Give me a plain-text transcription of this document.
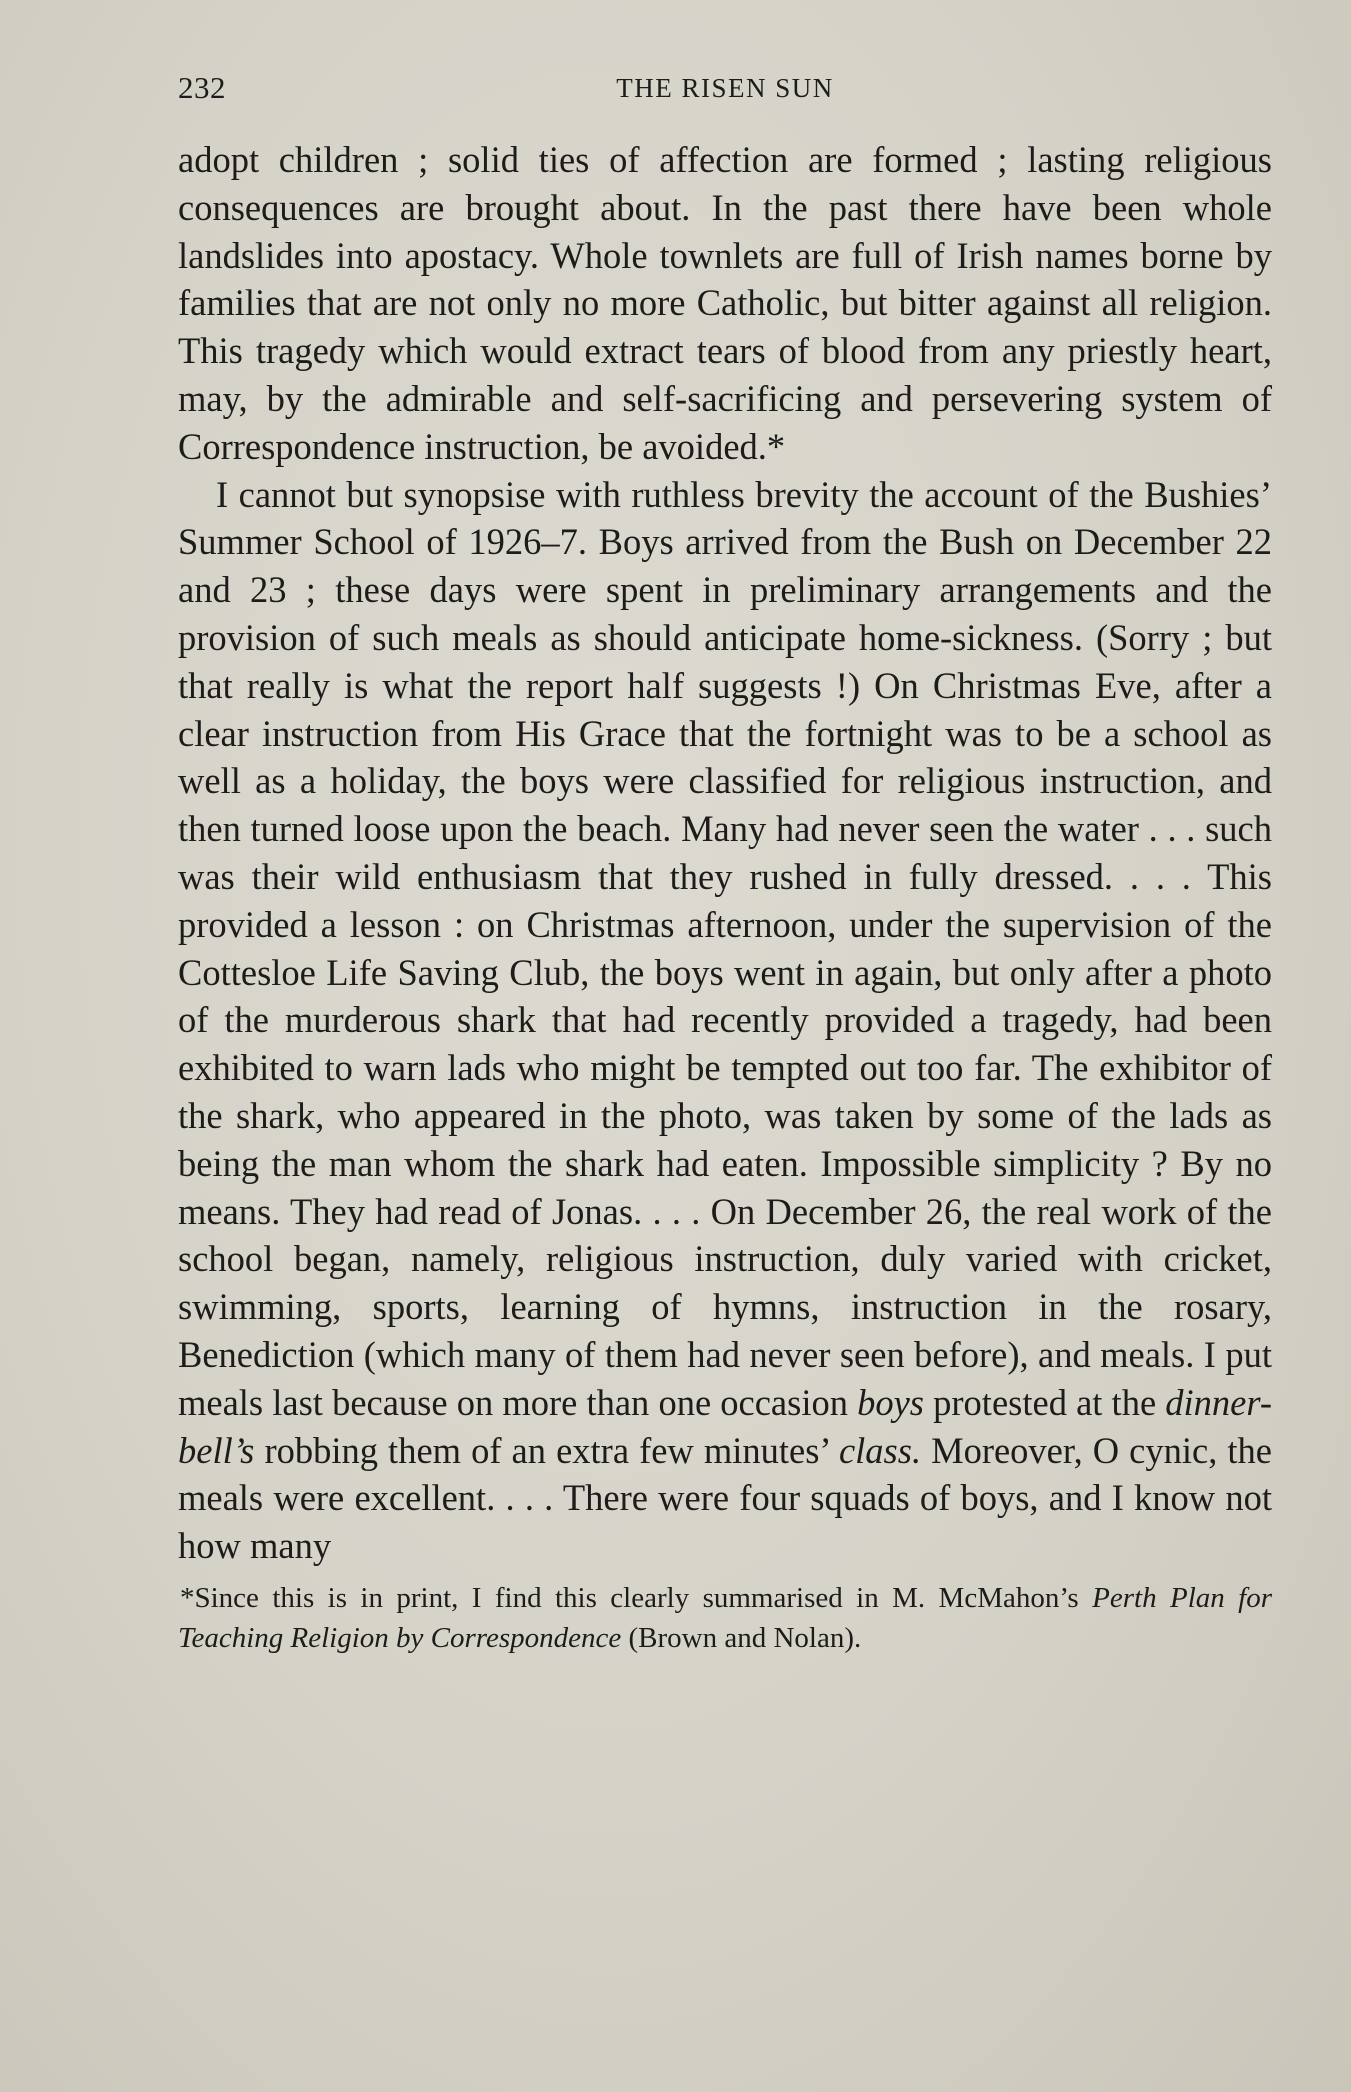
232	THE RISEN SUN

adopt children ; solid ties of affection are formed ; lasting religious consequences are brought about. In the past there have been whole landslides into apostacy. Whole townlets are full of Irish names borne by families that are not only no more Catholic, but bitter against all religion. This tragedy which would extract tears of blood from any priestly heart, may, by the admirable and self-sacrificing and persevering system of Correspondence instruction, be avoided.*

I cannot but synopsise with ruthless brevity the account of the Bushies’ Summer School of 1926–7. Boys arrived from the Bush on December 22 and 23 ; these days were spent in preliminary arrangements and the provision of such meals as should anticipate home-sickness. (Sorry ; but that really is what the report half suggests !) On Christmas Eve, after a clear instruction from His Grace that the fortnight was to be a school as well as a holiday, the boys were classified for religious instruction, and then turned loose upon the beach. Many had never seen the water . . . such was their wild enthusiasm that they rushed in fully dressed. . . . This provided a lesson : on Christmas afternoon, under the supervision of the Cottesloe Life Saving Club, the boys went in again, but only after a photo of the murderous shark that had recently provided a tragedy, had been exhibited to warn lads who might be tempted out too far. The exhibitor of the shark, who appeared in the photo, was taken by some of the lads as being the man whom the shark had eaten. Impossible simplicity ? By no means. They had read of Jonas. . . . On December 26, the real work of the school began, namely, religious instruction, duly varied with cricket, swimming, sports, learning of hymns, instruction in the rosary, Benediction (which many of them had never seen before), and meals. I put meals last because on more than one occasion boys protested at the dinner-bell’s robbing them of an extra few minutes’ class. Moreover, O cynic, the meals were excellent. . . . There were four squads of boys, and I know not how many

*Since this is in print, I find this clearly summarised in M. McMahon’s Perth Plan for Teaching Religion by Correspondence (Brown and Nolan).
